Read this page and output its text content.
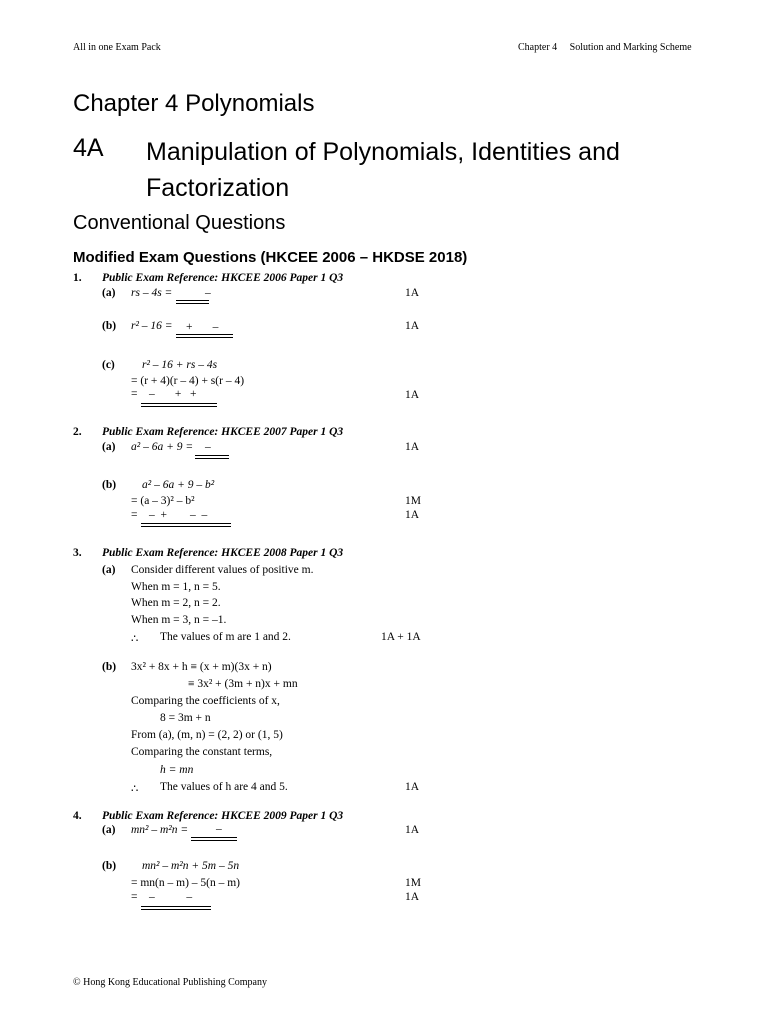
All in one Exam Pack	Chapter 4     Solution and Marking Scheme
Chapter 4 Polynomials
4A Manipulation of Polynomials, Identities and Factorization
Conventional Questions
Modified Exam Questions (HKCEE 2006 – HKDSE 2018)
1. Public Exam Reference: HKCEE 2006 Paper 1 Q3
(a) rs – 4s =	–	1A
(b) r² – 16 = +       –	1A
(c) r² – 16 + rs – 4s
= (r + 4)(r – 4) + s(r – 4)
=    –       +   +	1A
2. Public Exam Reference: HKCEE 2007 Paper 1 Q3
(a) a² – 6a + 9 = –	1A
(b) a² – 6a + 9 – b²
= (a – 3)² – b²	1M
=    –  +        –  –	1A
3. Public Exam Reference: HKCEE 2008 Paper 1 Q3
(a) Consider different values of positive m.
When m = 1, n = 5.
When m = 2, n = 2.
When m = 3, n = –1.
∴ The values of m are 1 and 2.	1A + 1A
(b) 3x² + 8x + h ≡ (x + m)(3x + n)
≡ 3x² + (3m + n)x + mn
Comparing the coefficients of x,
8 = 3m + n
From (a), (m, n) = (2, 2) or (1, 5)
Comparing the constant terms,
h = mn
∴ The values of h are 4 and 5.	1A
4. Public Exam Reference: HKCEE 2009 Paper 1 Q3
(a) mn² – m²n = –	1A
(b) mn² – m²n + 5m – 5n
= mn(n – m) – 5(n – m)	1M
=    –           –	1A
© Hong Kong Educational Publishing Company
